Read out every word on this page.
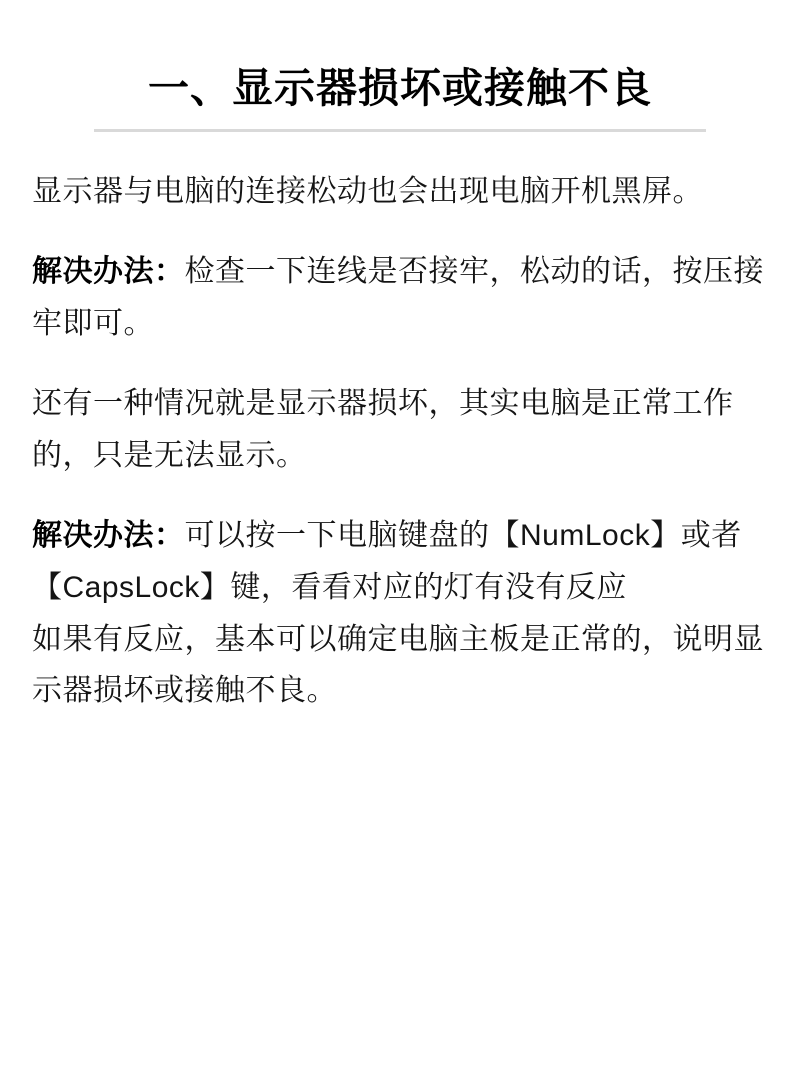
一、显示器损坏或接触不良

显示器与电脑的连接松动也会出现电脑开机黑屏。

解决办法：检查一下连线是否接牢，松动的话，按压接牢即可。

还有一种情况就是显示器损坏，其实电脑是正常工作的，只是无法显示。

解决办法：可以按一下电脑键盘的【NumLock】或者【CapsLock】键，看看对应的灯有没有反应

如果有反应，基本可以确定电脑主板是正常的，说明显示器损坏或接触不良。
